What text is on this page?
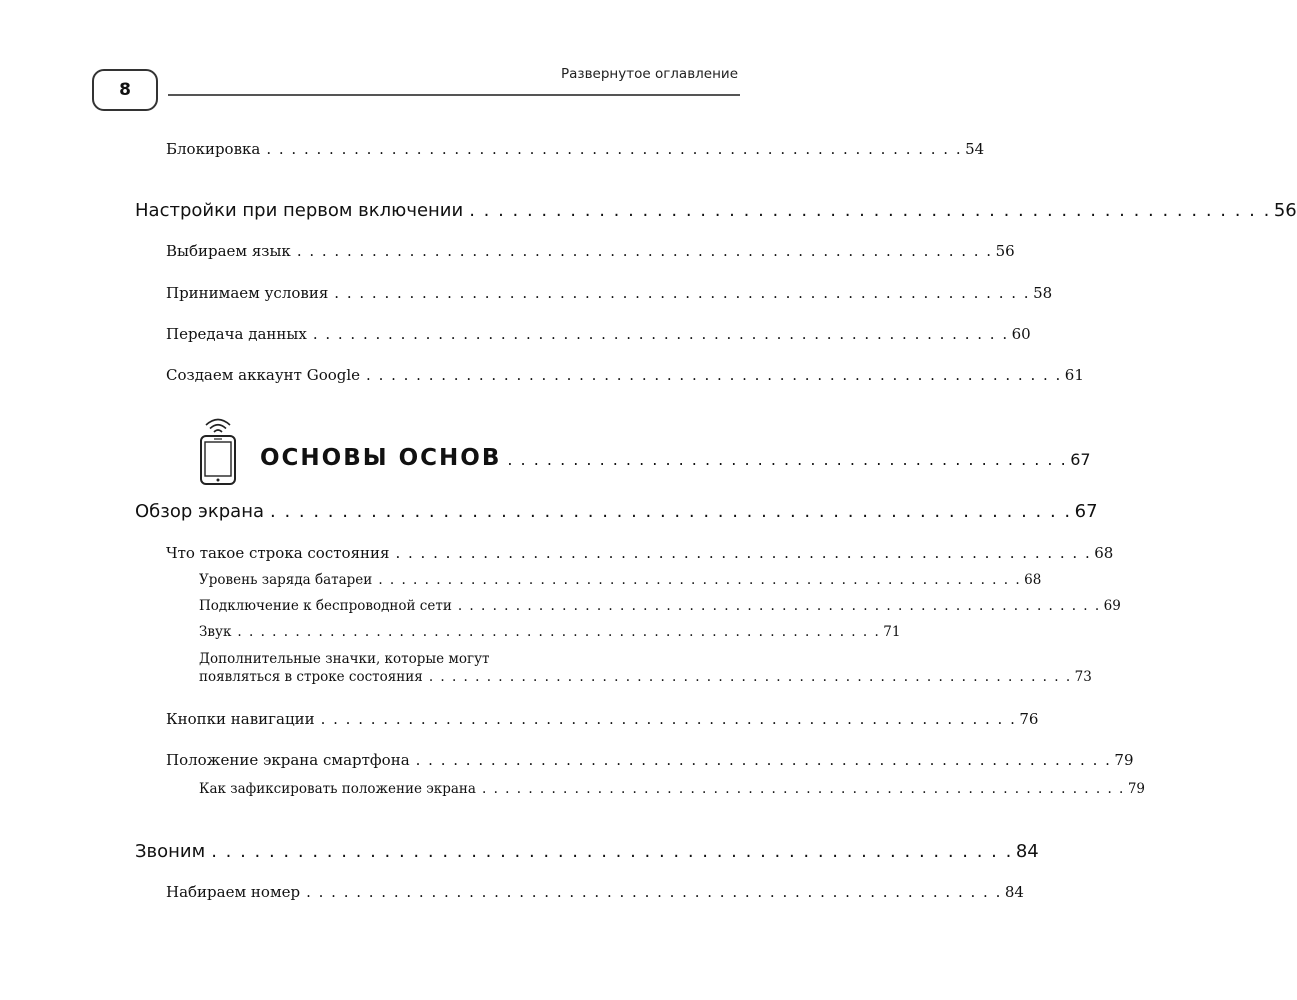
8
Развернутое оглавление
Блокировка . . . . . . . . . . . . . . . . . . . . . . . . . . . . . . . . . . . . . . . . . . . . . . . . . . . . . . . . 54
Настройки при первом включении . . . . . . . . . . . . . . . . . . . . . . . . . . . . . . . . . . . . . . . . . . . . . . . . . . . . . . . . 56
Выбираем язык . . . . . . . . . . . . . . . . . . . . . . . . . . . . . . . . . . . . . . . . . . . . . . . . . . . . . . . . 56
Принимаем условия . . . . . . . . . . . . . . . . . . . . . . . . . . . . . . . . . . . . . . . . . . . . . . . . . . . . . . . . 58
Передача данных . . . . . . . . . . . . . . . . . . . . . . . . . . . . . . . . . . . . . . . . . . . . . . . . . . . . . . . . 60
Создаем аккаунт Google . . . . . . . . . . . . . . . . . . . . . . . . . . . . . . . . . . . . . . . . . . . . . . . . . . . . . . . . 61
ОСНОВЫ ОСНОВ . . . . . . . . . . . . . . . . . . . . . . . . . . . . . . . . . . . . . . . . . . . 67
Обзор экрана . . . . . . . . . . . . . . . . . . . . . . . . . . . . . . . . . . . . . . . . . . . . . . . . . . . . . . . . 67
Что такое строка состояния . . . . . . . . . . . . . . . . . . . . . . . . . . . . . . . . . . . . . . . . . . . . . . . . . . . . . . . . 68
Уровень заряда батареи . . . . . . . . . . . . . . . . . . . . . . . . . . . . . . . . . . . . . . . . . . . . . . . . . . . . . . . . 68
Подключение к беспроводной сети . . . . . . . . . . . . . . . . . . . . . . . . . . . . . . . . . . . . . . . . . . . . . . . . . . . . . . . . 69
Звук . . . . . . . . . . . . . . . . . . . . . . . . . . . . . . . . . . . . . . . . . . . . . . . . . . . . . . . . 71
Дополнительные значки, которые могут
появляться в строке состояния . . . . . . . . . . . . . . . . . . . . . . . . . . . . . . . . . . . . . . . . . . . . . . . . . . . . . . . . 73
Кнопки навигации . . . . . . . . . . . . . . . . . . . . . . . . . . . . . . . . . . . . . . . . . . . . . . . . . . . . . . . . 76
Положение экрана смартфона . . . . . . . . . . . . . . . . . . . . . . . . . . . . . . . . . . . . . . . . . . . . . . . . . . . . . . . . 79
Как зафиксировать положение экрана . . . . . . . . . . . . . . . . . . . . . . . . . . . . . . . . . . . . . . . . . . . . . . . . . . . . . . . . 79
Звоним . . . . . . . . . . . . . . . . . . . . . . . . . . . . . . . . . . . . . . . . . . . . . . . . . . . . . . . . 84
Набираем номер . . . . . . . . . . . . . . . . . . . . . . . . . . . . . . . . . . . . . . . . . . . . . . . . . . . . . . . . 84
